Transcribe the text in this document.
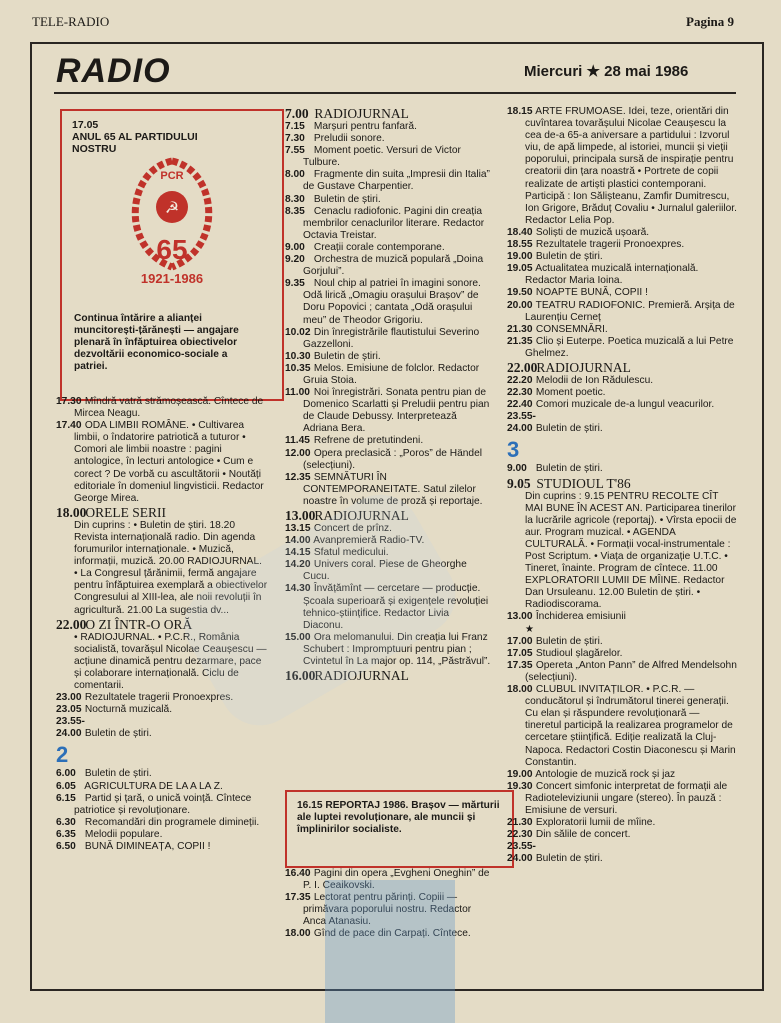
TELE-RADIO	Pagina 9
RADIO	Miercuri ★ 28 mai 1986
17.05
ANUL 65 AL PARTIDULUI
NOSTRU
☭
PCR
65
1921-1986
Continua întărire a alianței muncitorești-țărănești — angajare plenară în înfăptuirea obiectivelor dezvoltării economico-sociale a patriei.

17.30 Mîndră vatră strămoșească. Cîntece de Mircea Neagu.

17.40 ODA LIMBII ROMÂNE. • Cultivarea limbii, o îndatorire patriotică a tuturor • Comori ale limbii noastre : pagini antologice, în lecturi antologice • Cum e corect ? De vorbă cu ascultătorii • Noutăți editoriale în domeniul lingvisticii. Redactor George Mirea.

18.00 ORELE SERII

Din cuprins : • Buletin de știri. 18.20 Revista internațională radio. Din agenda forumurilor internaționale. • Muzică, informații, muzică. 20.00 RADIOJURNAL. • La Congresul țărănimii, fermă angajare pentru înfăptuirea exemplară a obiectivelor Congresului al XIII-lea, ale noii revoluții în agricultură. 21.00 La sugestia dv...

22.00 O ZI ÎNTR-O ORĂ

• RADIOJURNAL. • P.C.R., România socialistă, tovarășul Nicolae Ceaușescu — acțiune dinamică pentru dezarmare, pace și colaborare internațională. Ciclu de comentarii.

23.00 Rezultatele tragerii Pronoexpres.

23.05 Nocturnă muzicală.

23.55-24.00 Buletin de știri.

2

6.00 Buletin de știri.

6.05 AGRICULTURA DE LA A LA Z.

6.15 Partid și țară, o unică voință. Cîntece patriotice și revoluționare.

6.30 Recomandări din programele dimineții.

6.35 Melodii populare.

6.50 BUNĂ DIMINEAȚA, COPII !

7.00 RADIOJURNAL

7.15 Marșuri pentru fanfară.

7.30 Preludii sonore.

7.55 Moment poetic. Versuri de Victor Tulbure.

8.00 Fragmente din suita „Impresii din Italia” de Gustave Charpentier.

8.30 Buletin de știri.

8.35 Cenaclu radiofonic. Pagini din creația membrilor cenaclurilor literare. Redactor Octavia Treistar.

9.00 Creații corale contemporane.

9.20 Orchestra de muzică populară „Doina Gorjului”.

9.35 Noul chip al patriei în imagini sonore. Odă lirică „Omagiu orașului Brașov” de Doru Popovici ; cantata „Odă orașului meu” de Theodor Grigoriu.

10.02 Din înregistrările flautistului Severino Gazzelloni.

10.30 Buletin de știri.

10.35 Melos. Emisiune de folclor. Redactor Gruia Stoia.

11.00 Noi înregistrări. Sonata pentru pian de Domenico Scarlatti și Preludii pentru pian de Claude Debussy. Interpretează Adriana Bera.

11.45 Refrene de pretutindeni.

12.00 Opera preclasică : „Poros” de Händel (selecțiuni).

12.35 SEMNĂTURI ÎN CONTEMPORANEITATE. Satul zilelor noastre în volume de proză și reportaje.

13.00 RADIOJURNAL

13.15 Concert de prînz.

14.00 Avanpremieră Radio-TV.

14.15 Sfatul medicului.

14.20 Univers coral. Piese de Gheorghe Cucu.

14.30 Învățămînt — cercetare — producție. Școala superioară și exigențele revoluției tehnico-științifice. Redactor Livia Diaconu.

15.00 Ora melomanului. Din creația lui Franz Schubert : Impromptuuri pentru pian ; Cvintetul în La major op. 114, „Păstrăvul”.

16.00 RADIOJURNAL

16.15 REPORTAJ 1986. Brașov — mărturii ale luptei revoluționare, ale muncii și împlinirilor socialiste.

16.40 Pagini din opera „Evgheni Oneghin” de P. I. Ceaikovski.

17.35 Lectorat pentru părinți. Copiii — primăvara poporului nostru. Redactor Anca Atanasiu.

18.00 Gînd de pace din Carpați. Cîntece.

18.15 ARTE FRUMOASE. Idei, teze, orientări din cuvîntarea tovarășului Nicolae Ceaușescu la cea de-a 65-a aniversare a partidului : Izvorul viu, de apă limpede, al istoriei, muncii și vieții poporului, principala sursă de inspirație pentru creatorii din țara noastră • Portrete de copii realizate de artiști plastici contemporani. Participă : Ion Sălișteanu, Zamfir Dumitrescu, Ion Grigore, Brăduț Covaliu • Jurnalul galeriilor. Redactor Lelia Pop.

18.40 Soliști de muzică ușoară.

18.55 Rezultatele tragerii Pronoexpres.

19.00 Buletin de știri.

19.05 Actualitatea muzicală internațională. Redactor Maria Ioina.

19.50 NOAPTE BUNĂ, COPII !

20.00 TEATRU RADIOFONIC. Premieră. Arșița de Laurențiu Cerneț

21.30 CONSEMNĂRI.

21.35 Clio și Euterpe. Poetica muzicală a lui Petre Ghelmez.

22.00 RADIOJURNAL

22.20 Melodii de Ion Rădulescu.

22.30 Moment poetic.

22.40 Comori muzicale de-a lungul veacurilor.

23.55-24.00 Buletin de știri.

3

9.00 Buletin de știri.

9.05 STUDIOUL T'86

Din cuprins : 9.15 PENTRU RECOLTE CÎT MAI BUNE ÎN ACEST AN. Participarea tinerilor la lucrările agricole (reportaj). • Vîrsta epocii de aur. Program muzical. • AGENDA CULTURALĂ. • Formații vocal-instrumentale : Post Scriptum. • Viața de organizație U.T.C. • Tineret, înainte. Program de cîntece. 11.00 EXPLORATORII LUMII DE MÎINE. Redactor Dan Ursuleanu. 12.00 Buletin de știri. • Radiodiscorama.

13.00 Închiderea emisiunii

★

17.00 Buletin de știri.

17.05 Studioul șlagărelor.

17.35 Opereta „Anton Pann” de Alfred Mendelsohn (selecțiuni).

18.00 CLUBUL INVITAȚILOR. • P.C.R. — conducătorul și îndrumătorul tinerei generații. Cu elan și răspundere revoluționară — tineretul participă la realizarea programelor de cercetare științifică. Ediție realizată la Cluj-Napoca. Redactori Costin Diaconescu și Marin Constantin.

19.00 Antologie de muzică rock și jaz

19.30 Concert simfonic interpretat de formații ale Radioteleviziunii ungare (stereo). În pauză : Emisiune de versuri.

21.30 Exploratorii lumii de mîine.

22.30 Din sălile de concert.

23.55-24.00 Buletin de știri.
